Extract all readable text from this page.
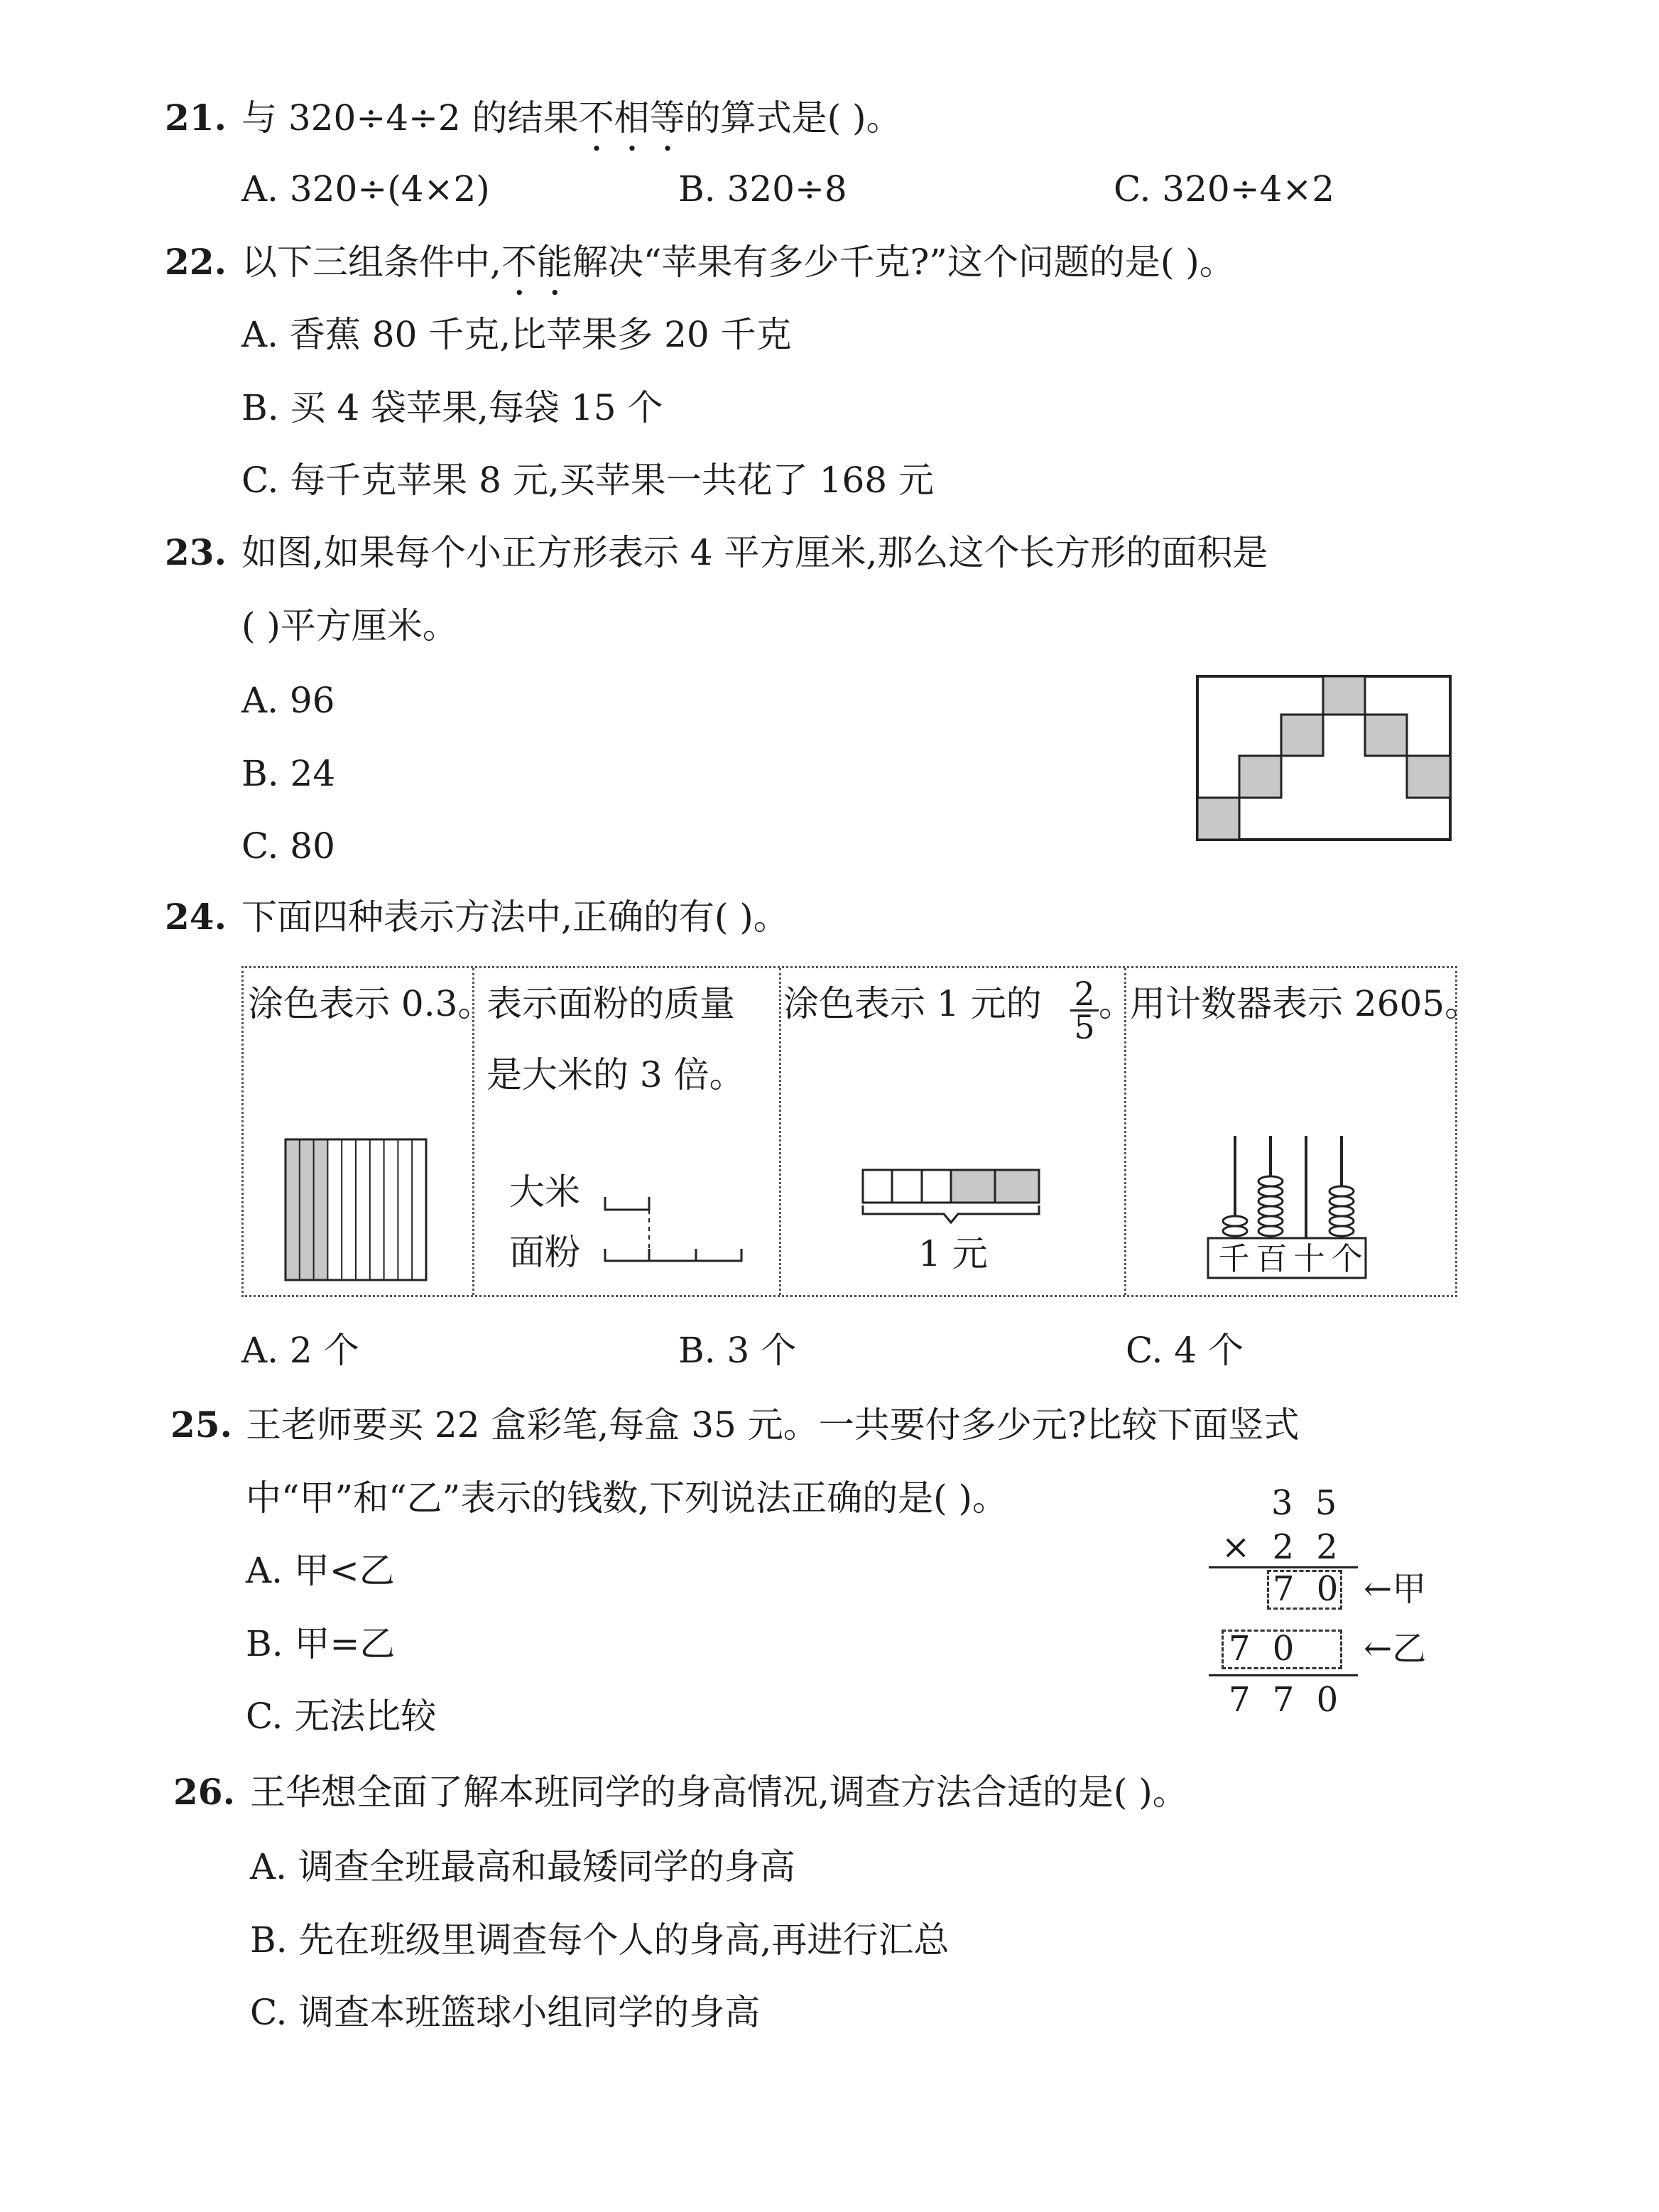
21. 与 320÷4÷2 的结果不相等的算式是( )。
A. 320÷(4×2)	B. 320÷8	C. 320÷4×2
22. 以下三组条件中,不能解决“苹果有多少千克?”这个问题的是( )。
A. 香蕉 80 千克,比苹果多 20 千克
B. 买 4 袋苹果,每袋 15 个
C. 每千克苹果 8 元,买苹果一共花了 168 元
23. 如图,如果每个小正方形表示 4 平方厘米,那么这个长方形的面积是
( )平方厘米。
A. 96
B. 24
C. 80
24. 下面四种表示方法中,正确的有( )。
涂色表示 0.3。
表示面粉的质量
是大米的 3 倍。
大米
面粉
涂色表示 1 元的 $\frac{2}{5}$ 。
1 元
用计数器表示 2605。
千 百 十 个
A. 2 个	B. 3 个	C. 4 个
25. 王老师要买 22 盒彩笔,每盒 35 元。一共要付多少元?比较下面竖式
中“甲”和“乙”表示的钱数,下列说法正确的是( )。
A. 甲<乙
B. 甲=乙
C. 无法比较
3 5
× 2 2
7 0 ←甲
7 0 ←乙
7 7 0
26. 王华想全面了解本班同学的身高情况,调查方法合适的是( )。
A. 调查全班最高和最矮同学的身高
B. 先在班级里调查每个人的身高,再进行汇总
C. 调查本班篮球小组同学的身高
